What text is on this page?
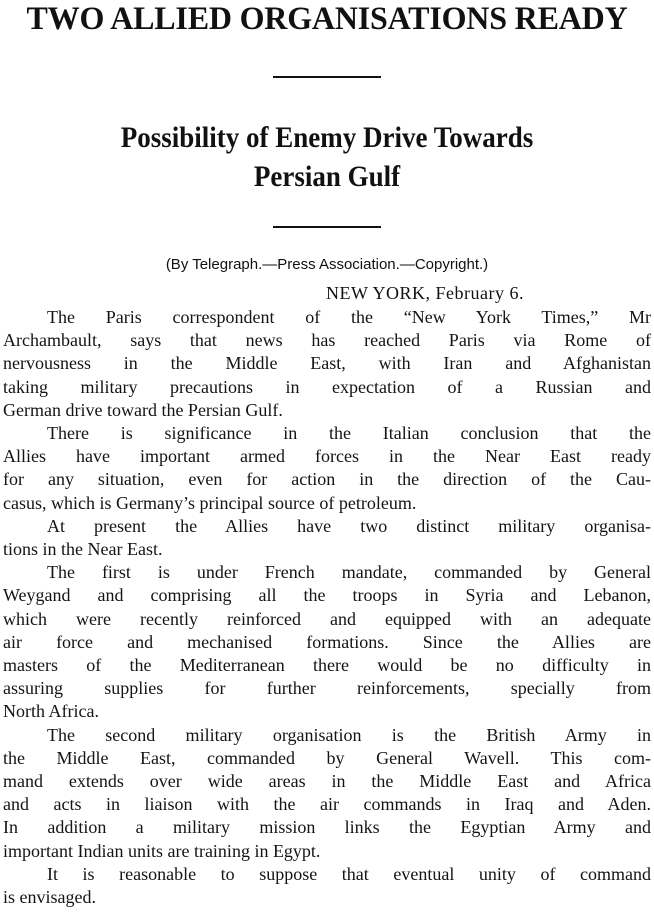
TWO ALLIED ORGANISATIONS READY
Possibility of Enemy Drive Towards
Persian Gulf

(By Telegraph.—Press Association.—Copyright.)

NEW YORK, February 6.

The Paris correspondent of the “New York Times,” Mr
Archambault, says that news has reached Paris via Rome of
nervousness in the Middle East, with Iran and Afghanistan
taking military precautions in expectation of a Russian and
German drive toward the Persian Gulf.

There is significance in the Italian conclusion that the
Allies have important armed forces in the Near East ready
for any situation, even for action in the direction of the Cau-
casus, which is Germany’s principal source of petroleum.

At present the Allies have two distinct military organisa-
tions in the Near East.

The first is under French mandate, commanded by General
Weygand and comprising all the troops in Syria and Lebanon,
which were recently reinforced and equipped with an adequate
air force and mechanised formations. Since the Allies are
masters of the Mediterranean there would be no difficulty in
assuring supplies for further reinforcements, specially from
North Africa.

The second military organisation is the British Army in
the Middle East, commanded by General Wavell. This com-
mand extends over wide areas in the Middle East and Africa
and acts in liaison with the air commands in Iraq and Aden.
In addition a military mission links the Egyptian Army and
important Indian units are training in Egypt.

It is reasonable to suppose that eventual unity of command
is envisaged.
